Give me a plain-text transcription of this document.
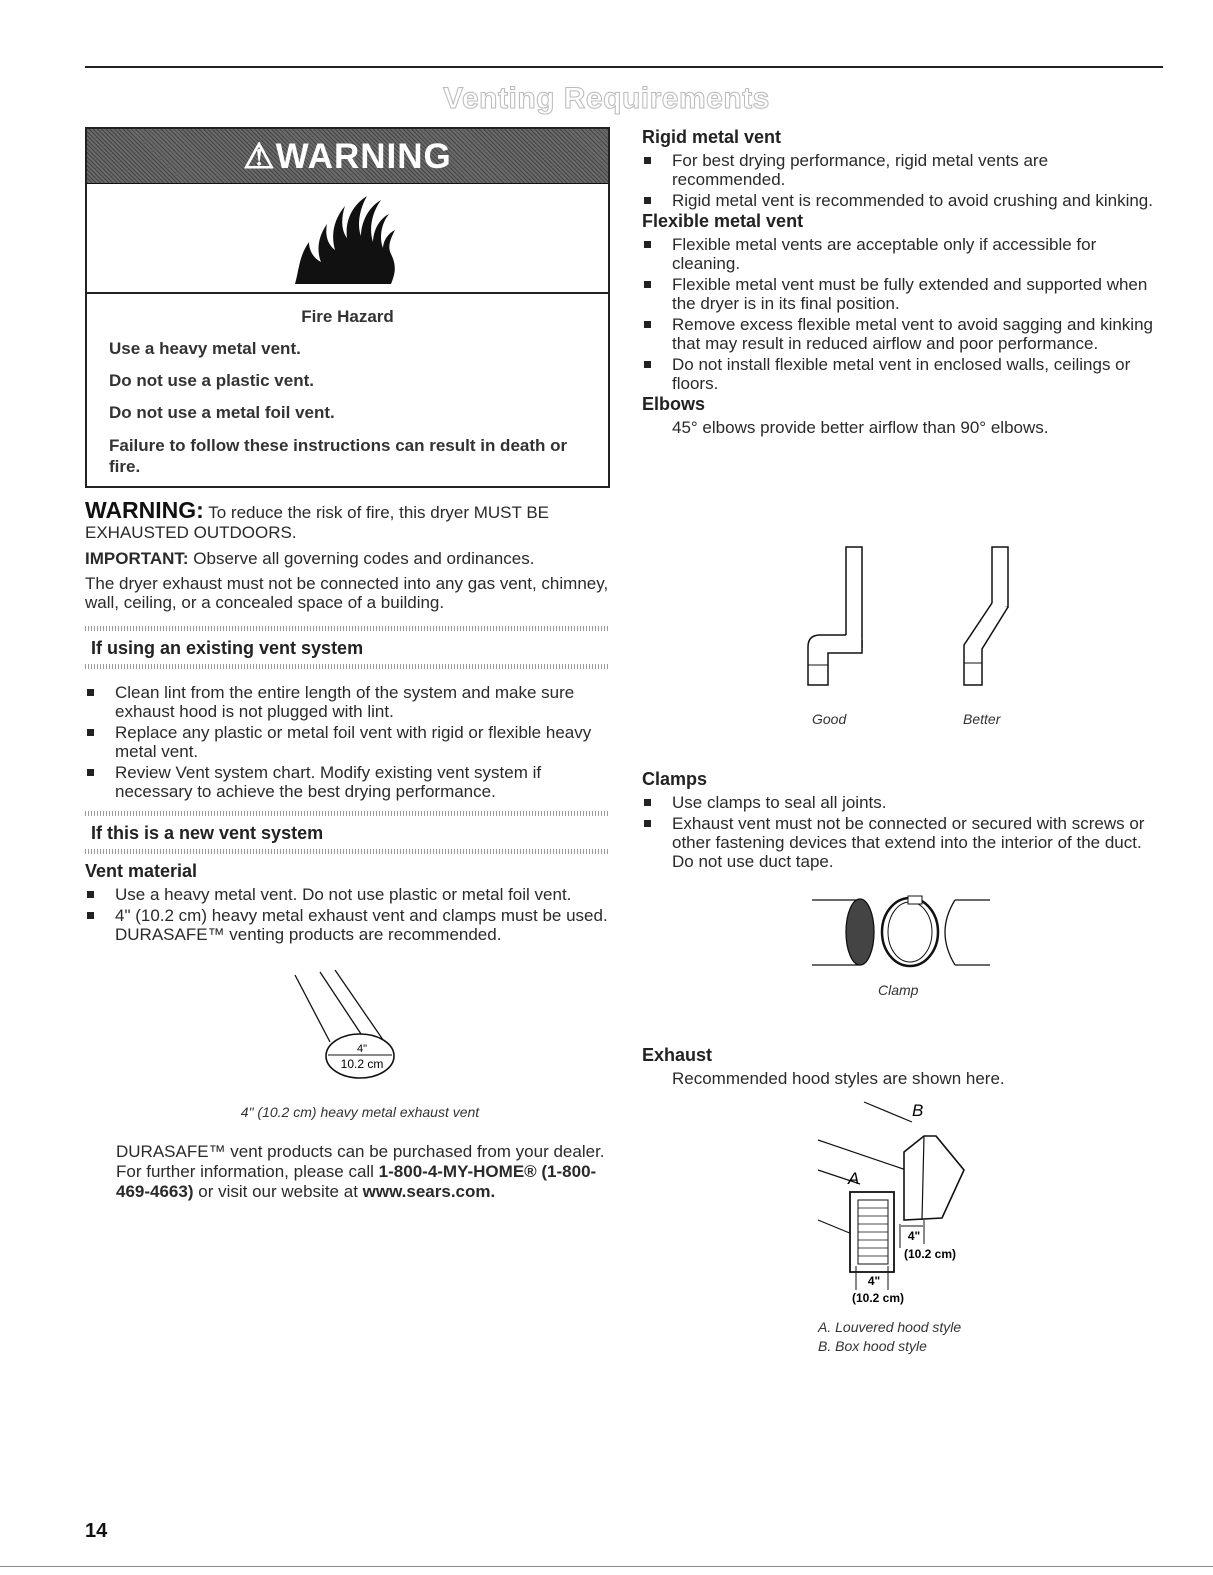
Venting Requirements
⚠WARNING
Fire Hazard
Use a heavy metal vent.
Do not use a plastic vent.
Do not use a metal foil vent.
Failure to follow these instructions can result in death or fire.
WARNING: To reduce the risk of fire, this dryer MUST BE EXHAUSTED OUTDOORS.
IMPORTANT: Observe all governing codes and ordinances.
The dryer exhaust must not be connected into any gas vent, chimney, wall, ceiling, or a concealed space of a building.
If using an existing vent system
Clean lint from the entire length of the system and make sure exhaust hood is not plugged with lint.
Replace any plastic or metal foil vent with rigid or flexible heavy metal vent.
Review Vent system chart. Modify existing vent system if necessary to achieve the best drying performance.
If this is a new vent system
Vent material
Use a heavy metal vent. Do not use plastic or metal foil vent.
4" (10.2 cm) heavy metal exhaust vent and clamps must be used. DURASAFE™ venting products are recommended.
4"
10.2 cm
4" (10.2 cm) heavy metal exhaust vent
DURASAFE™ vent products can be purchased from your dealer. For further information, please call 1-800-4-MY-HOME® (1-800-469-4663) or visit our website at www.sears.com.
Rigid metal vent
For best drying performance, rigid metal vents are recommended.
Rigid metal vent is recommended to avoid crushing and kinking.
Flexible metal vent
Flexible metal vents are acceptable only if accessible for cleaning.
Flexible metal vent must be fully extended and supported when the dryer is in its final position.
Remove excess flexible metal vent to avoid sagging and kinking that may result in reduced airflow and poor performance.
Do not install flexible metal vent in enclosed walls, ceilings or floors.
Elbows
45° elbows provide better airflow than 90° elbows.
Good	Better
Clamps
Use clamps to seal all joints.
Exhaust vent must not be connected or secured with screws or other fastening devices that extend into the interior of the duct. Do not use duct tape.
Clamp
Exhaust
Recommended hood styles are shown here.
B
A
4"
(10.2 cm)
4"
(10.2 cm)
A. Louvered hood style
B. Box hood style
14
